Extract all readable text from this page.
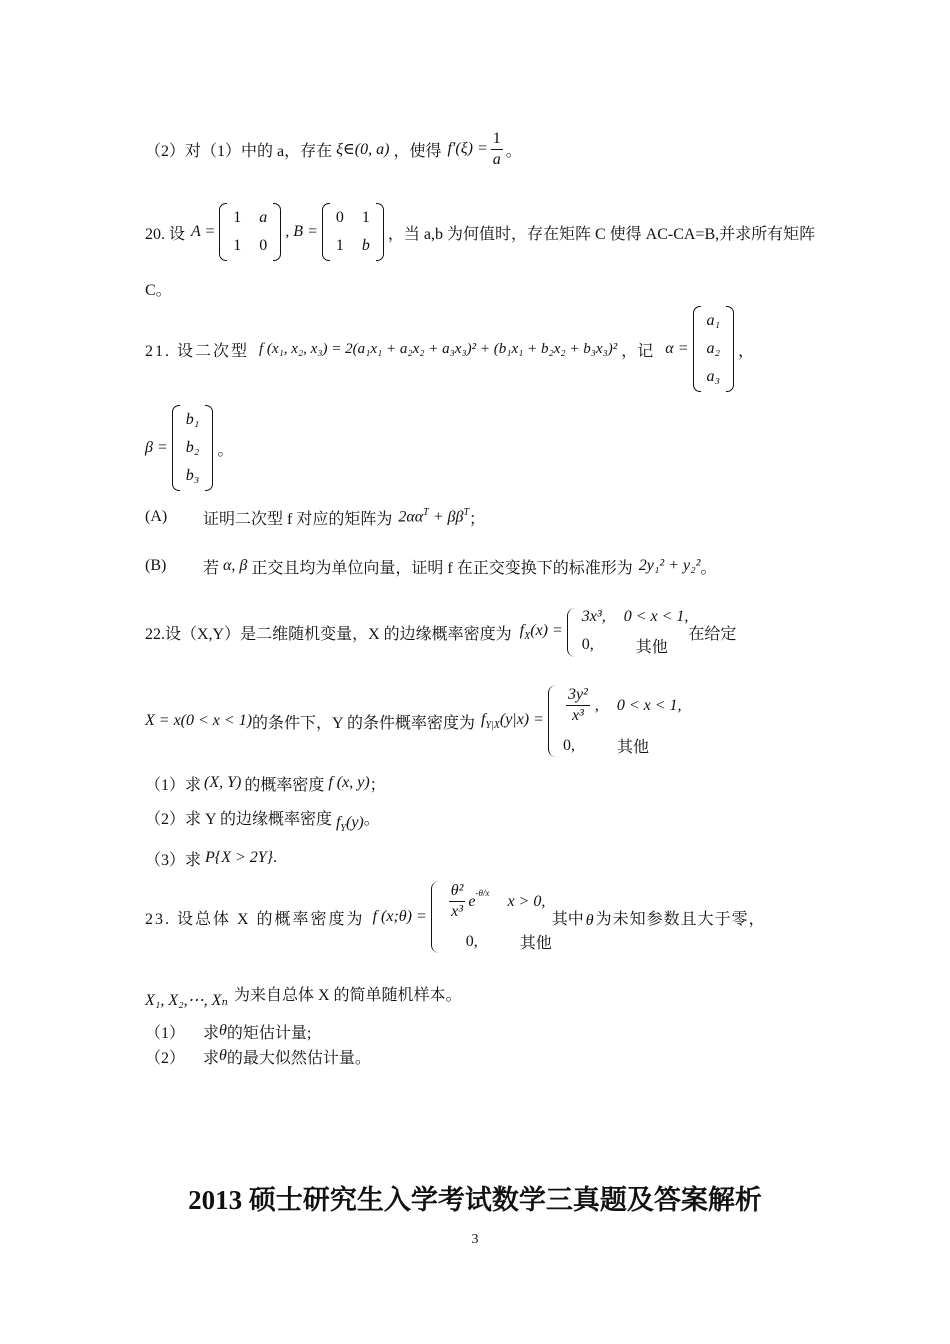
（2）对（1）中的 a，存在 ξ∈(0, a) ，使得 $f'(\xi) = \frac{1}{a}$ 。
20. 设 A =
1 a
1 0
, B =
0 1
1 b
，当 a,b 为何值时，存在矩阵 C 使得 AC-CA=B,并求所有矩阵
C。
21. 设二次型 f (x₁, x₂, x₃) = 2(a₁x₁ + a₂x₂ + a₃x₃)² + (b₁x₁ + b₂x₂ + b₃x₃)² ，记 α =
a₁
a₂
a₃
，
β =
b₁
b₂
b₃
。
(A)	证明二次型 f 对应的矩阵为 $2\alpha\alpha^T + \beta\beta^T$ ；
(B)	若 α, β 正交且均为单位向量，证明 f 在正交变换下的标准形为 2y₁² + y₂² 。
22.设（X,Y）是二维随机变量，X 的边缘概率密度为 $f_X(x)$ =
3x³, 0 < x < 1,
0,	其他
在给定
X = x(0 < x < 1) 的条件下，Y 的条件概率密度为 $f_{Y|X}(y|x) = \frac{\text{3y²}}{\text{x³}}$ , 0 < x < 1,
0,	其他
（1）求 (X, Y) 的概率密度 f (x, y) ；
（2）求 Y 的边缘概率密度 $f_Y(y)$ 。
（3）求 P{X > 2Y} .
23. 设总体 X 的概率密度为 f (x;θ) = $\frac{\text{θ²}}{\text{x³}} e^{-\theta/x}$ x > 0,
0,	其他
其中 θ 为未知参数且大于零，
X₁, X₂,⋯, Xₙ 为来自总体 X 的简单随机样本。
（1）	求 θ 的矩估计量;
（2）	求 θ 的最大似然估计量。
2013 硕士研究生入学考试数学三真题及答案解析
3
